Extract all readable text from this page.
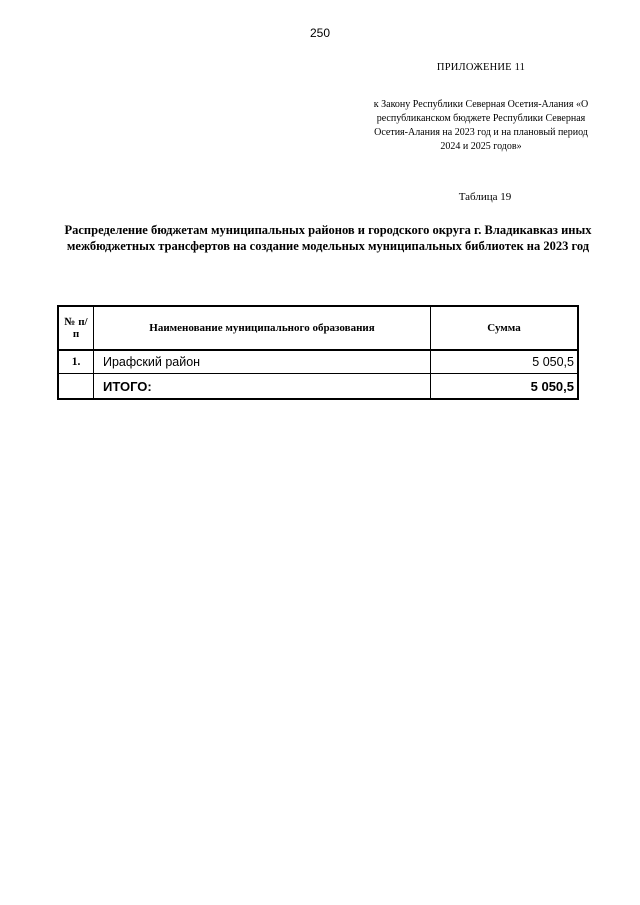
250
ПРИЛОЖЕНИЕ 11
к Закону Республики Северная Осетия-Алания «О республиканском бюджете Республики Северная Осетия-Алания на 2023 год и на плановый период 2024 и 2025 годов»
Таблица 19
Распределение бюджетам муниципальных районов и городского округа г. Владикавказ иных межбюджетных трансфертов на создание модельных муниципальных библиотек на 2023 год
№ п/п	Наименование муниципального образования	Сумма
1.	Ирафский район	5 050,5
	ИТОГО:	5 050,5
